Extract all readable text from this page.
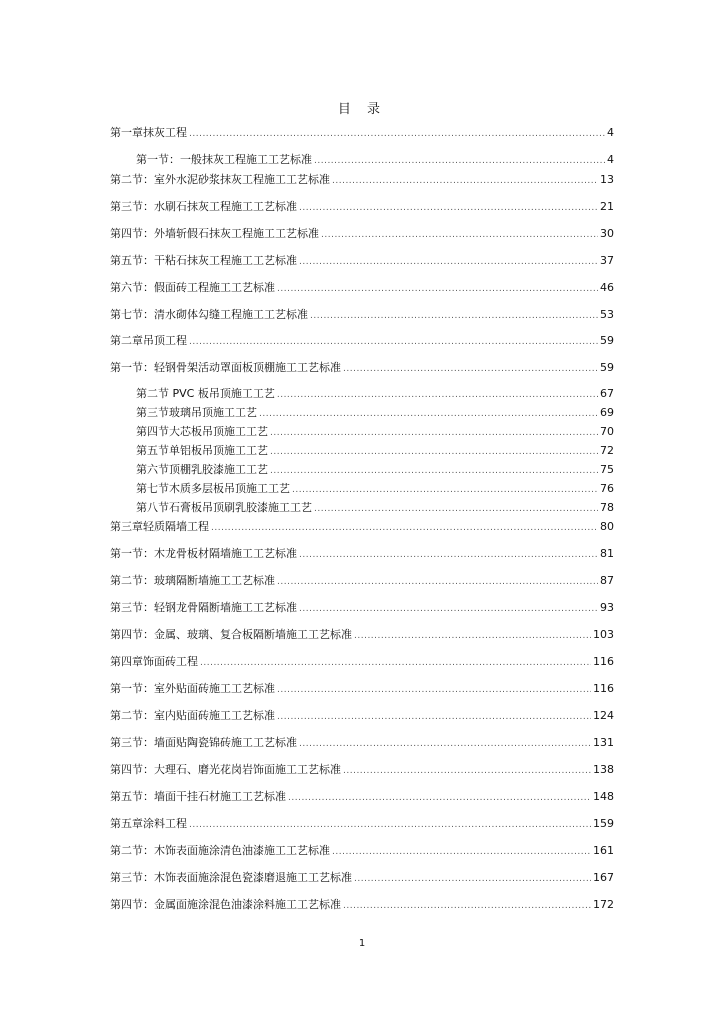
目 录
第一章抹灰工程 .....	4
第一节：一般抹灰工程施工工艺标准 .....	4
第二节：室外水泥砂浆抹灰工程施工工艺标准 .....	13
第三节：水刷石抹灰工程施工工艺标准 .....	21
第四节：外墙斩假石抹灰工程施工工艺标准 .....	30
第五节：干粘石抹灰工程施工工艺标准 .....	37
第六节：假面砖工程施工工艺标准 .....	46
第七节：清水砌体勾缝工程施工工艺标准 .....	53
第二章吊顶工程 .....	59
第一节：轻钢骨架活动罩面板顶棚施工工艺标准 .....	59
第二节 PVC 板吊顶施工工艺 .....	67
第三节玻璃吊顶施工工艺 .....	69
第四节大芯板吊顶施工工艺 .....	70
第五节单铝板吊顶施工工艺 .....	72
第六节顶棚乳胶漆施工工艺 .....	75
第七节木质多层板吊顶施工工艺 .....	76
第八节石膏板吊顶刷乳胶漆施工工艺 .....	78
第三章轻质隔墙工程 .....	80
第一节：木龙骨板材隔墙施工工艺标准 .....	81
第二节：玻璃隔断墙施工工艺标准 .....	87
第三节：轻钢龙骨隔断墙施工工艺标准 .....	93
第四节：金属、玻璃、复合板隔断墙施工工艺标准 .....	103
第四章饰面砖工程 .....	116
第一节：室外贴面砖施工工艺标准 .....	116
第二节：室内贴面砖施工工艺标准 .....	124
第三节：墙面贴陶瓷锦砖施工工艺标准 .....	131
第四节：大理石、磨光花岗岩饰面施工工艺标准 .....	138
第五节：墙面干挂石材施工工艺标准 .....	148
第五章涂料工程 .....	159
第二节：木饰表面施涂清色油漆施工工艺标准 .....	161
第三节：木饰表面施涂混色瓷漆磨退施工工艺标准 .....	167
第四节：金属面施涂混色油漆涂料施工工艺标准 .....	172
1
